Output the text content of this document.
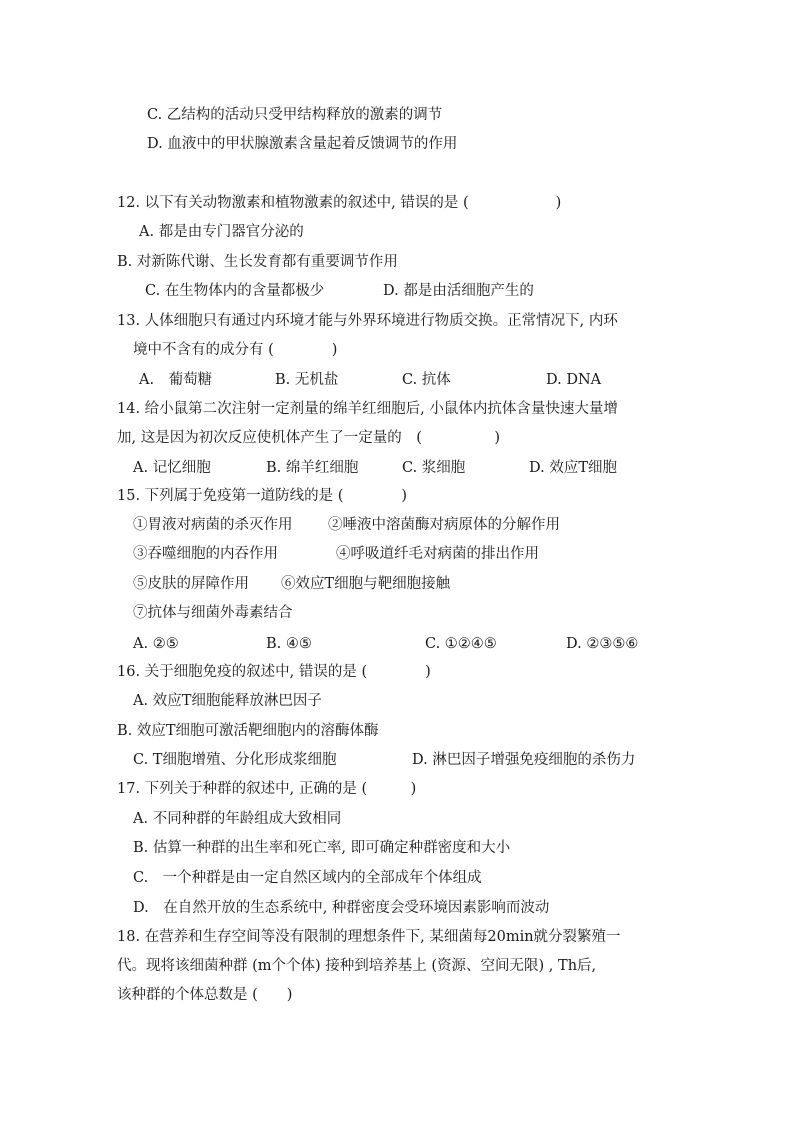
C. 乙结构的活动只受甲结构释放的激素的调节
D. 血液中的甲状腺激素含量起着反馈调节的作用
12. 以下有关动物激素和植物激素的叙述中, 错误的是 (　　　　　　)
A. 都是由专门器官分泌的
B. 对新陈代谢、生长发育都有重要调节作用
C. 在生物体内的含量都极少	D. 都是由活细胞产生的
13. 人体细胞只有通过内环境才能与外界环境进行物质交换。正常情况下, 内环
境中不含有的成分有 (　　　　)
A.　葡萄糖	B. 无机盐	C. 抗体	D. DNA
14. 给小鼠第二次注射一定剂量的绵羊红细胞后, 小鼠体内抗体含量快速大量增
加, 这是因为初次反应使机体产生了一定量的　(　　　　　)
A. 记忆细胞	B. 绵羊红细胞	C. 浆细胞	D. 效应T细胞
15. 下列属于免疫第一道防线的是 (　　　　)
①胃液对病菌的杀灭作用 ②唾液中溶菌酶对病原体的分解作用
③吞噬细胞的内吞作用	④呼吸道纤毛对病菌的排出作用
⑤皮肤的屏障作用 ⑥效应T细胞与靶细胞接触
⑦抗体与细菌外毒素结合
A. ②⑤	B. ④⑤	C. ①②④⑤	D. ②③⑤⑥
16. 关于细胞免疫的叙述中, 错误的是 (　　　　)
A. 效应T细胞能释放淋巴因子
B. 效应T细胞可激活靶细胞内的溶酶体酶
C. T细胞增殖、分化形成浆细胞	D. 淋巴因子增强免疫细胞的杀伤力
17. 下列关于种群的叙述中, 正确的是 (　　　)
A. 不同种群的年龄组成大致相同
B. 估算一种群的出生率和死亡率, 即可确定种群密度和大小
C.　一个种群是由一定自然区域内的全部成年个体组成
D.　在自然开放的生态系统中, 种群密度会受环境因素影响而波动
18. 在营养和生存空间等没有限制的理想条件下, 某细菌每20min就分裂繁殖一
代。现将该细菌种群 (m个个体) 接种到培养基上 (资源、空间无限) , Th后,
该种群的个体总数是 (　　)
